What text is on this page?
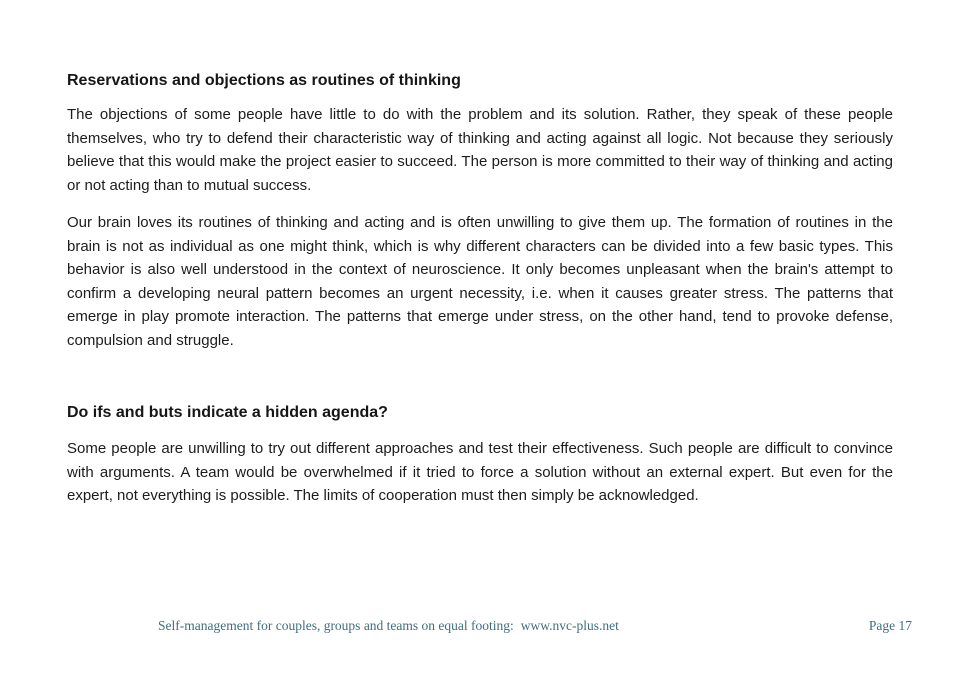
Reservations and objections as routines of thinking
The objections of some people have little to do with the problem and its solution. Rather, they speak of these people themselves, who try to defend their characteristic way of thinking and acting against all logic. Not because they seriously believe that this would make the project easier to succeed. The person is more committed to their way of thinking and acting or not acting than to mutual success.
Our brain loves its routines of thinking and acting and is often unwilling to give them up. The formation of routines in the brain is not as individual as one might think, which is why different characters can be divided into a few basic types. This behavior is also well understood in the context of neuroscience. It only becomes unpleasant when the brain's attempt to confirm a developing neural pattern becomes an urgent necessity, i.e. when it causes greater stress. The patterns that emerge in play promote interaction. The patterns that emerge under stress, on the other hand, tend to provoke defense, compulsion and struggle.
Do ifs and buts indicate a hidden agenda?
Some people are unwilling to try out different approaches and test their effectiveness. Such people are difficult to convince with arguments. A team would be overwhelmed if it tried to force a solution without an external expert. But even for the expert, not everything is possible. The limits of cooperation must then simply be acknowledged.
Self-management for couples, groups and teams on equal footing: www.nvc-plus.net	Page 17
